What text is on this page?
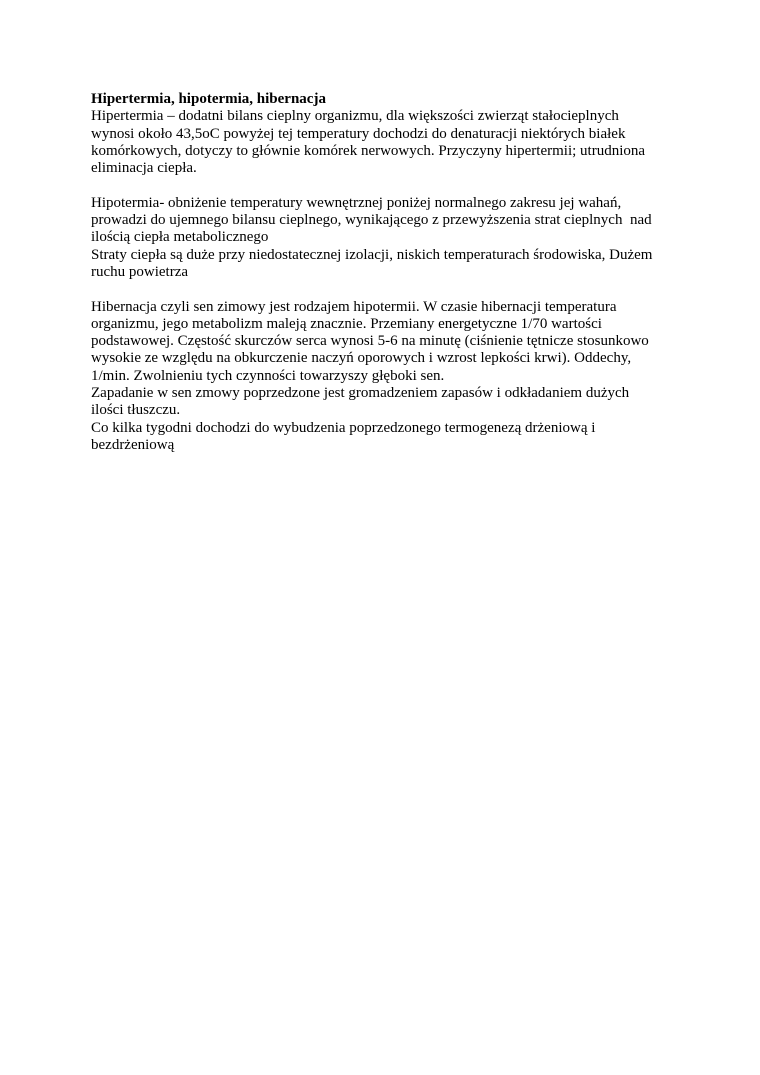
Hipertermia, hipotermia, hibernacja
Hipertermia – dodatni bilans cieplny organizmu, dla większości zwierząt stałocieplnych
wynosi około 43,5oC powyżej tej temperatury dochodzi do denaturacji niektórych białek
komórkowych, dotyczy to głównie komórek nerwowych. Przyczyny hipertermii; utrudniona
eliminacja ciepła.
Hipotermia- obniżenie temperatury wewnętrznej poniżej normalnego zakresu jej wahań,
prowadzi do ujemnego bilansu cieplnego, wynikającego z przewyższenia strat cieplnych  nad
ilością ciepła metabolicznego
Straty ciepła są duże przy niedostatecznej izolacji, niskich temperaturach środowiska, Dużem
ruchu powietrza
Hibernacja czyli sen zimowy jest rodzajem hipotermii. W czasie hibernacji temperatura
organizmu, jego metabolizm maleją znacznie. Przemiany energetyczne 1/70 wartości
podstawowej. Częstość skurczów serca wynosi 5-6 na minutę (ciśnienie tętnicze stosunkowo
wysokie ze względu na obkurczenie naczyń oporowych i wzrost lepkości krwi). Oddechy,
1/min. Zwolnieniu tych czynności towarzyszy głęboki sen.
Zapadanie w sen zmowy poprzedzone jest gromadzeniem zapasów i odkładaniem dużych
ilości tłuszczu.
Co kilka tygodni dochodzi do wybudzenia poprzedzonego termogenezą drżeniową i
bezdrżeniową
